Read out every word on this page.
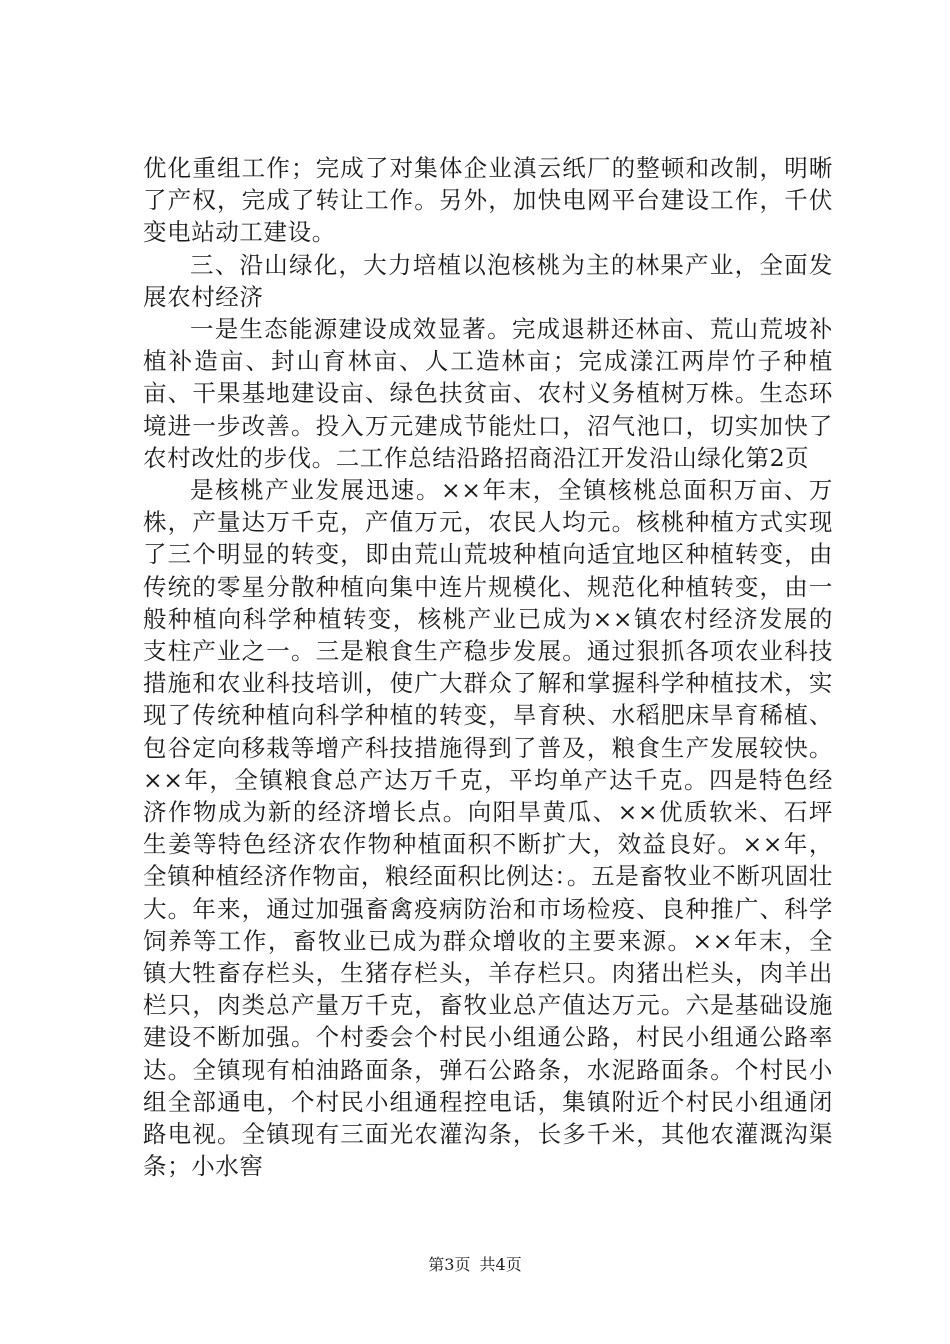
优化重组工作；完成了对集体企业滇云纸厂的整顿和改制，明晰了产权，完成了转让工作。另外，加快电网平台建设工作，千伏变电站动工建设。

三、沿山绿化，大力培植以泡核桃为主的林果产业，全面发展农村经济

一是生态能源建设成效显著。完成退耕还林亩、荒山荒坡补植补造亩、封山育林亩、人工造林亩；完成漾江两岸竹子种植亩、干果基地建设亩、绿色扶贫亩、农村义务植树万株。生态环境进一步改善。投入万元建成节能灶口，沼气池口，切实加快了农村改灶的步伐。二工作总结沿路招商沿江开发沿山绿化第2页

是核桃产业发展迅速。××年末，全镇核桃总面积万亩、万株，产量达万千克，产值万元，农民人均元。核桃种植方式实现了三个明显的转变，即由荒山荒坡种植向适宜地区种植转变，由传统的零星分散种植向集中连片规模化、规范化种植转变，由一般种植向科学种植转变，核桃产业已成为××镇农村经济发展的支柱产业之一。三是粮食生产稳步发展。通过狠抓各项农业科技措施和农业科技培训，使广大群众了解和掌握科学种植技术，实现了传统种植向科学种植的转变，旱育秧、水稻肥床旱育稀植、包谷定向移栽等增产科技措施得到了普及，粮食生产发展较快。××年，全镇粮食总产达万千克，平均单产达千克。四是特色经济作物成为新的经济增长点。向阳旱黄瓜、××优质软米、石坪生姜等特色经济农作物种植面积不断扩大，效益良好。××年，全镇种植经济作物亩，粮经面积比例达：。五是畜牧业不断巩固壮大。年来，通过加强畜禽疫病防治和市场检疫、良种推广、科学饲养等工作，畜牧业已成为群众增收的主要来源。××年末，全镇大牲畜存栏头，生猪存栏头，羊存栏只。肉猪出栏头，肉羊出栏只，肉类总产量万千克，畜牧业总产值达万元。六是基础设施建设不断加强。个村委会个村民小组通公路，村民小组通公路率达。全镇现有柏油路面条，弹石公路条，水泥路面条。个村民小组全部通电，个村民小组通程控电话，集镇附近个村民小组通闭路电视。全镇现有三面光农灌沟条，长多千米，其他农灌溉沟渠条；小水窖

第3页 共4页
